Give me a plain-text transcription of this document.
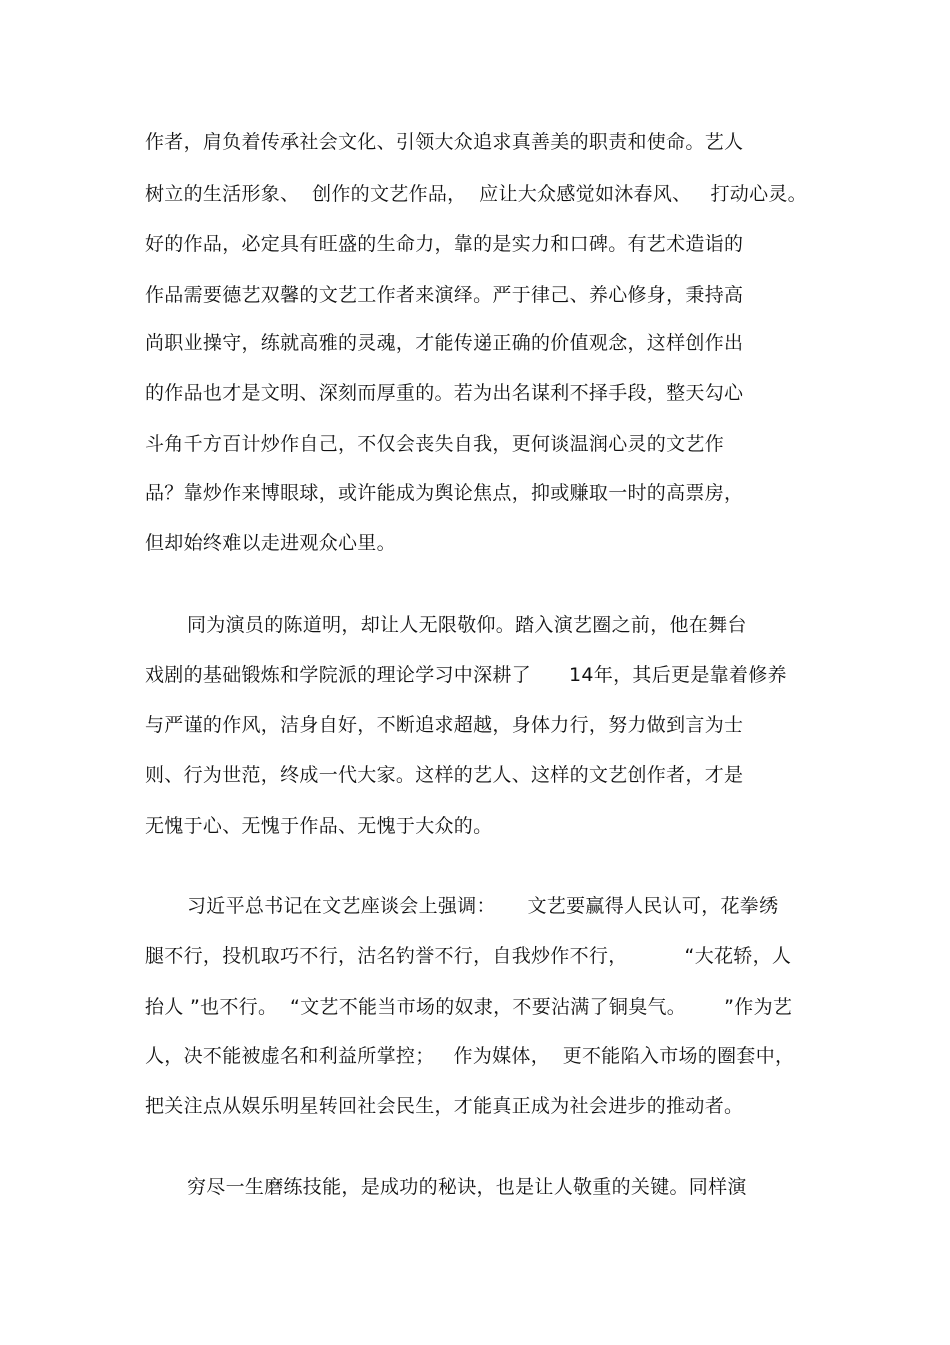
作者，肩负着传承社会文化、引领大众追求真善美的职责和使命。艺人

树立的生活形象、  创作的文艺作品，  应让大众感觉如沐春风、   打动心灵。

好的作品，必定具有旺盛的生命力，靠的是实力和口碑。有艺术造诣的

作品需要德艺双馨的文艺工作者来演绎。严于律己、养心修身，秉持高

尚职业操守，练就高雅的灵魂，才能传递正确的价值观念，这样创作出

的作品也才是文明、深刻而厚重的。若为出名谋利不择手段，整天勾心

斗角千方百计炒作自己，不仅会丧失自我，更何谈温润心灵的文艺作

品？靠炒作来博眼球，或许能成为舆论焦点，抑或赚取一时的高票房，

但却始终难以走进观众心里。

同为演员的陈道明，却让人无限敬仰。踏入演艺圈之前，他在舞台

戏剧的基础锻炼和学院派的理论学习中深耕了      14年，其后更是靠着修养

与严谨的作风，洁身自好，不断追求超越，身体力行，努力做到言为士

则、行为世范，终成一代大家。这样的艺人、这样的文艺创作者，才是

无愧于心、无愧于作品、无愧于大众的。

习近平总书记在文艺座谈会上强调：     文艺要赢得人民认可，花拳绣

腿不行，投机取巧不行，沽名钓誉不行，自我炒作不行，         “大花轿，人

抬人 ”也不行。  “文艺不能当市场的奴隶，不要沾满了铜臭气。      ”作为艺

人，决不能被虚名和利益所掌控；   作为媒体，  更不能陷入市场的圈套中，

把关注点从娱乐明星转回社会民生，才能真正成为社会进步的推动者。

穷尽一生磨练技能，是成功的秘诀，也是让人敬重的关键。同样演
